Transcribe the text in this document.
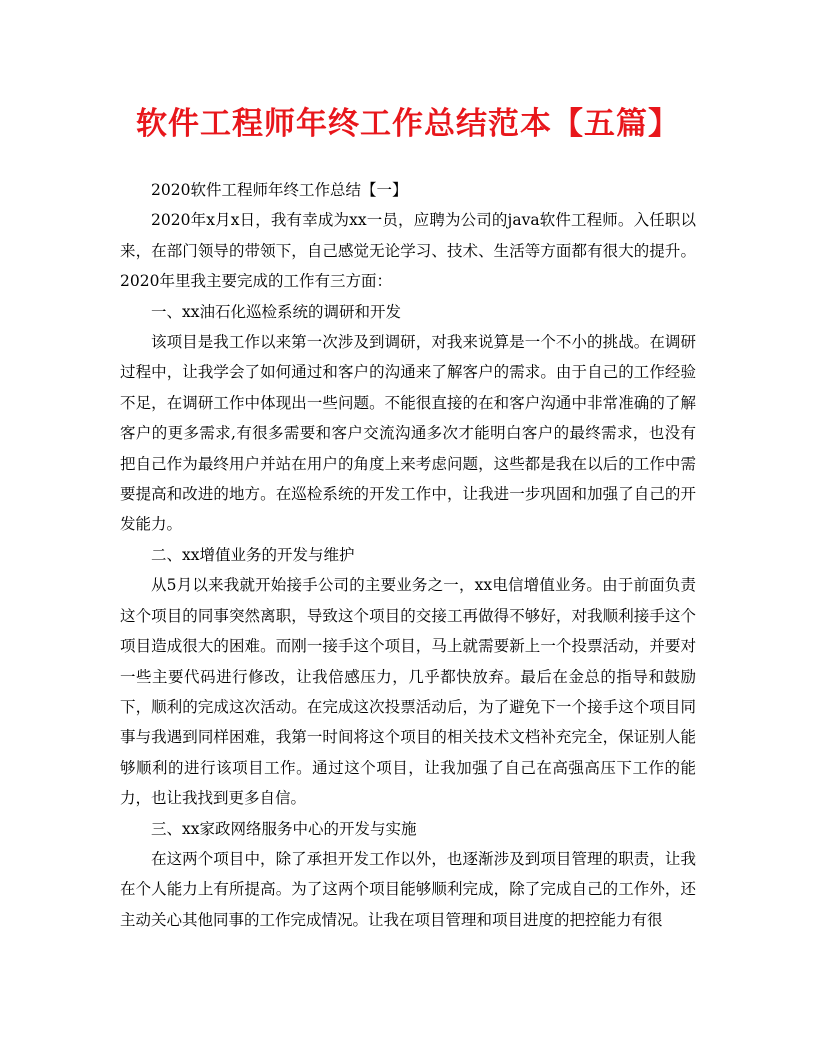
软件工程师年终工作总结范本【五篇】

2020软件工程师年终工作总结【一】

2020年x月x日，我有幸成为xx一员，应聘为公司的java软件工程师。入任职以来，在部门领导的带领下，自己感觉无论学习、技术、生活等方面都有很大的提升。2020年里我主要完成的工作有三方面：

一、xx油石化巡检系统的调研和开发

该项目是我工作以来第一次涉及到调研，对我来说算是一个不小的挑战。在调研过程中，让我学会了如何通过和客户的沟通来了解客户的需求。由于自己的工作经验不足，在调研工作中体现出一些问题。不能很直接的在和客户沟通中非常准确的了解客户的更多需求,有很多需要和客户交流沟通多次才能明白客户的最终需求，也没有把自己作为最终用户并站在用户的角度上来考虑问题，这些都是我在以后的工作中需要提高和改进的地方。在巡检系统的开发工作中，让我进一步巩固和加强了自己的开发能力。

二、xx增值业务的开发与维护

从5月以来我就开始接手公司的主要业务之一，xx电信增值业务。由于前面负责这个项目的同事突然离职，导致这个项目的交接工再做得不够好，对我顺利接手这个项目造成很大的困难。而刚一接手这个项目，马上就需要新上一个投票活动，并要对一些主要代码进行修改，让我倍感压力，几乎都快放弃。最后在金总的指导和鼓励下，顺利的完成这次活动。在完成这次投票活动后，为了避免下一个接手这个项目同事与我遇到同样困难，我第一时间将这个项目的相关技术文档补充完全，保证别人能够顺利的进行该项目工作。通过这个项目，让我加强了自己在高强高压下工作的能力，也让我找到更多自信。

三、xx家政网络服务中心的开发与实施

在这两个项目中，除了承担开发工作以外，也逐渐涉及到项目管理的职责，让我在个人能力上有所提高。为了这两个项目能够顺利完成，除了完成自己的工作外，还主动关心其他同事的工作完成情况。让我在项目管理和项目进度的把控能力有很
